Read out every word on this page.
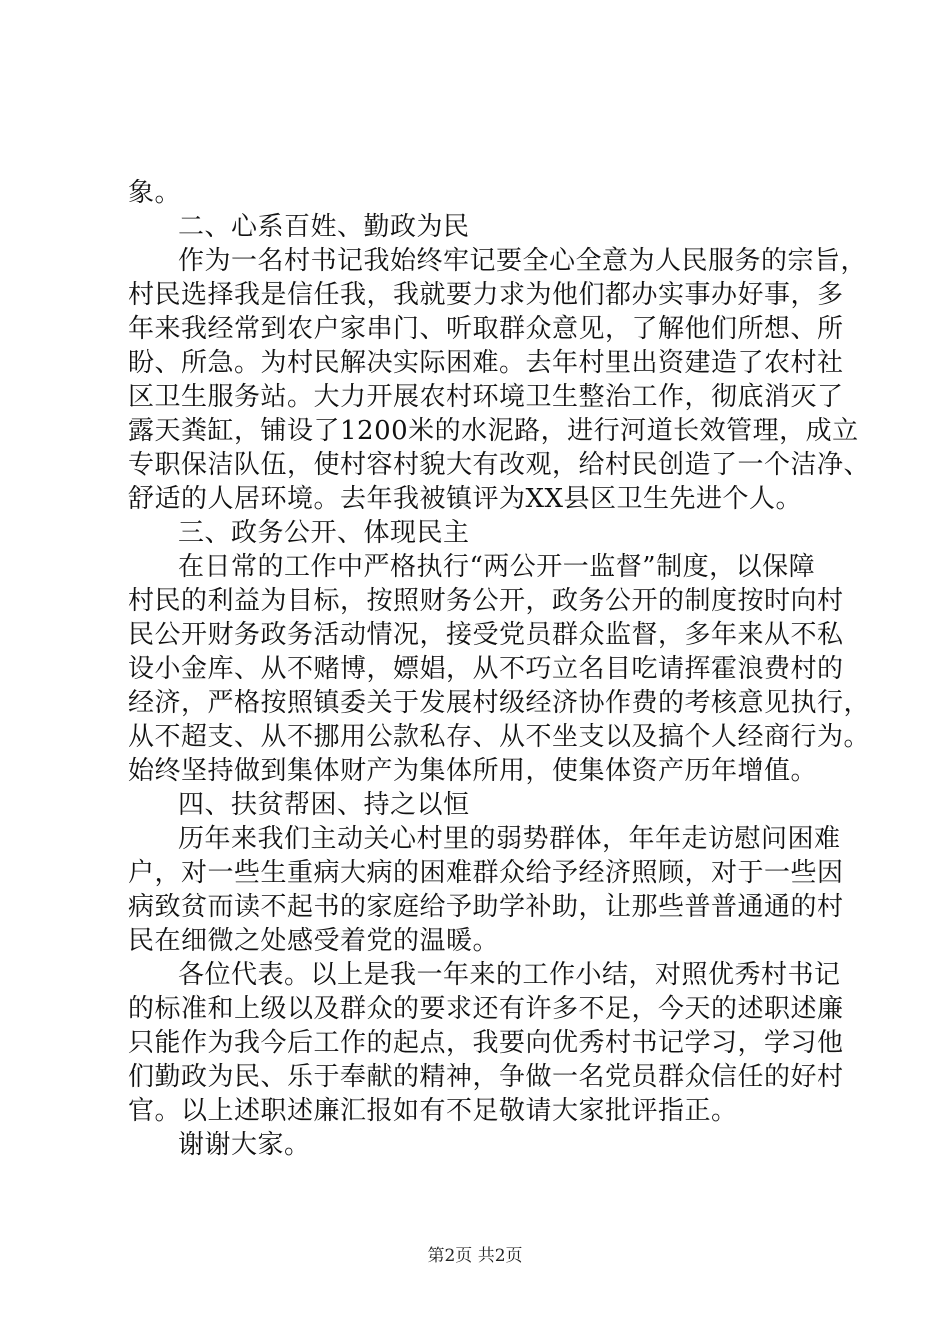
象。
二、心系百姓、勤政为民
作为一名村书记我始终牢记要全心全意为人民服务的宗旨，
村民选择我是信任我，我就要力求为他们都办实事办好事，多
年来我经常到农户家串门、听取群众意见，了解他们所想、所
盼、所急。为村民解决实际困难。去年村里出资建造了农村社
区卫生服务站。大力开展农村环境卫生整治工作，彻底消灭了
露天粪缸，铺设了1200米的水泥路，进行河道长效管理，成立
专职保洁队伍，使村容村貌大有改观，给村民创造了一个洁净、
舒适的人居环境。去年我被镇评为XX县区卫生先进个人。
三、政务公开、体现民主
在日常的工作中严格执行“两公开一监督”制度，以保障
村民的利益为目标，按照财务公开，政务公开的制度按时向村
民公开财务政务活动情况，接受党员群众监督，多年来从不私
设小金库、从不赌博，嫖娼，从不巧立名目吃请挥霍浪费村的
经济，严格按照镇委关于发展村级经济协作费的考核意见执行，
从不超支、从不挪用公款私存、从不坐支以及搞个人经商行为。
始终坚持做到集体财产为集体所用，使集体资产历年增值。
四、扶贫帮困、持之以恒
历年来我们主动关心村里的弱势群体，年年走访慰问困难
户，对一些生重病大病的困难群众给予经济照顾，对于一些因
病致贫而读不起书的家庭给予助学补助，让那些普普通通的村
民在细微之处感受着党的温暖。
各位代表。以上是我一年来的工作小结，对照优秀村书记
的标准和上级以及群众的要求还有许多不足，今天的述职述廉
只能作为我今后工作的起点，我要向优秀村书记学习，学习他
们勤政为民、乐于奉献的精神，争做一名党员群众信任的好村
官。以上述职述廉汇报如有不足敬请大家批评指正。
谢谢大家。
第2页 共2页
